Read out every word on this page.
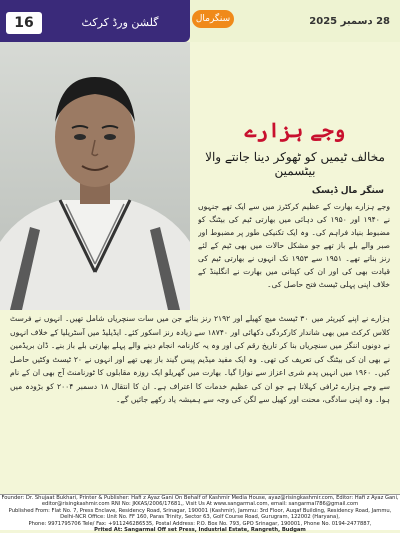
16	گلشن ورڈ کرکٹ	سنگرمال	28 دسمبر 2025
وجے ہزارے
مخالف ٹیمیں کو ٹھوکر دینا جانتے والا بیٹسمین
سنگر مال ڈیسک
وجے ہزارے بھارت کے عظیم کرکٹرز میں سے ایک تھے جنہوں نے ۱۹۴۰ اور ۱۹۵۰ کی دہائی میں بھارتی ٹیم کی بیٹنگ کو مضبوط بنیاد فراہم کی۔ وہ ایک تکنیکی طور پر مضبوط اور صبر والے بلے باز تھے جو مشکل حالات میں بھی ٹیم کے لئے رنز بناتے تھے۔ ۱۹۵۱ سے ۱۹۵۳ تک انہوں نے بھارتی ٹیم کی قیادت بھی کی اور ان کی کپتانی میں بھارت نے انگلینڈ کے خلاف اپنی پہلی ٹیسٹ فتح حاصل کی۔
ہزارے نے اپنے کیریئر میں ۳۰ ٹیسٹ میچ کھیلے اور ۲۱۹۲ رنز بنائے جن میں سات سنچریاں شامل تھیں۔ انہوں نے فرسٹ کلاس کرکٹ میں بھی شاندار کارکردگی دکھائی اور ۱۸۷۴۰ سے زیادہ رنز اسکور کئے۔ ایڈیلیڈ میں آسٹریلیا کے خلاف انہوں نے دونوں اننگز میں سنچریاں بنا کر تاریخ رقم کی اور وہ یہ کارنامہ انجام دینے والے پہلے بھارتی بلے باز بنے۔ ڈان بریڈمین نے بھی ان کی بیٹنگ کی تعریف کی تھی۔ وہ ایک مفید میڈیم پیس گیند باز بھی تھے اور انہوں نے ۲۰ ٹیسٹ وکٹیں حاصل کیں۔ ۱۹۶۰ میں انہیں پدم شری اعزاز سے نوازا گیا۔ بھارت میں گھریلو ایک روزہ مقابلوں کا ٹورنامنٹ آج بھی ان کے نام سے وجے ہزارے ٹرافی کہلاتا ہے جو ان کی عظیم خدمات کا اعتراف ہے۔ ان کا انتقال ۱۸ دسمبر ۲۰۰۴ کو بڑودہ میں ہوا۔ وہ اپنی سادگی، محنت اور کھیل سے لگن کی وجہ سے ہمیشہ یاد رکھے جائیں گے۔
Founder: Dr. Shujaat Bukhari, Printer & Publisher: Hafi z Ayaz Gani On Behalf of Kashmir Media House, ayaz@risingkashmir.com, Editor: Hafi z Ayaz Gani,
editor@risingkashmir.com RNI No: JKKAS/2006/17681,, Visit Us At www.sangarmal.com, email: sangarmal786@gmail.com
Published From: Flat No. 7, Press Enclave, Residency Road, Srinagar, 190001 (Kashmir), Jammu: 3rd Floor, Auqaf Building, Residency Road, Jammu,
Delhi-NCR Office: Unit No. FF 160, Paras Trinity, Sector 63, Golf Course Road, Gurugram, 122002 (Haryana),
Phone: 9971795706 Tele/ Fax: +911246286535, Postal Address: P.O. Box No. 793, GPO Srinagar, 190001, Phone No. 0194-2477887,
Prited At: Sangarmal Off set Press, Industrial Estate, Rangreth, Budgam
